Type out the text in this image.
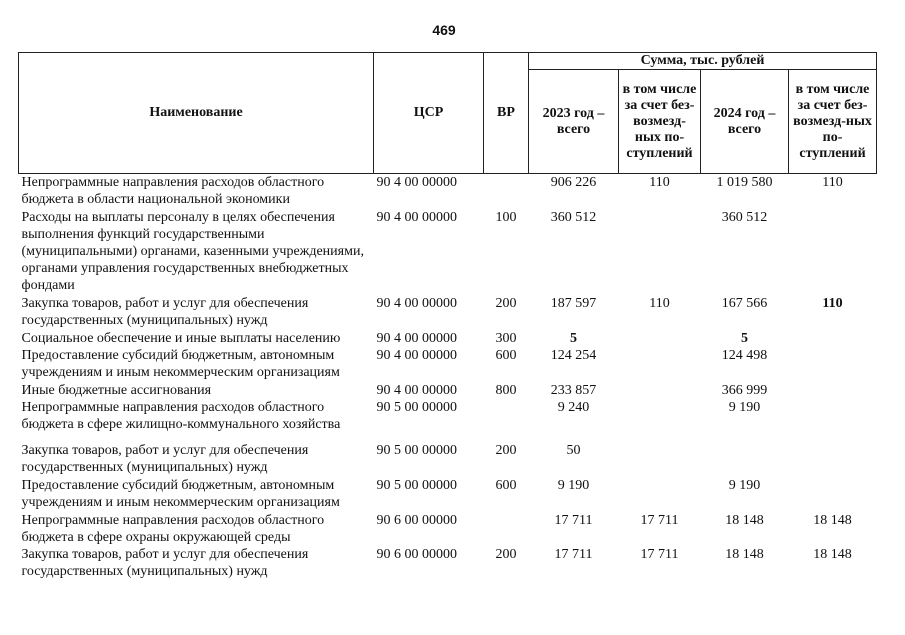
469
Наименование	ЦСР	ВР	Сумма, тыс. рублей			
			2023 год – всего	в том числе за счет без-возмезд-ных по-ступлений	2024 год – всего	в том числе за счет без-возмезд-ных по-ступлений
Непрограммные направления расходов областного бюджета в области национальной экономики	90 4 00 00000		906 226	110	1 019 580	110
Расходы на выплаты персоналу в целях обеспечения выполнения функций государственными (муниципальными) органами, казенными учреждениями, органами управления государственных внебюджетных фондами	90 4 00 00000	100	360 512		360 512	
Закупка товаров, работ и услуг для обеспечения государственных (муниципальных) нужд	90 4 00 00000	200	187 597	110	167 566	110
Социальное обеспечение и иные выплаты населению	90 4 00 00000	300	5		5	
Предоставление субсидий бюджетным, автономным учреждениям и иным некоммерческим организациям	90 4 00 00000	600	124 254		124 498	
Иные бюджетные ассигнования	90 4 00 00000	800	233 857		366 999	
Непрограммные направления расходов областного бюджета в сфере жилищно-коммунального хозяйства	90 5 00 00000		9 240		9 190	
Закупка товаров, работ и услуг для обеспечения государственных (муниципальных) нужд	90 5 00 00000	200	50			
Предоставление субсидий бюджетным, автономным учреждениям и иным некоммерческим организациям	90 5 00 00000	600	9 190		9 190	
Непрограммные направления расходов областного бюджета в сфере охраны окружающей среды	90 6 00 00000		17 711	17 711	18 148	18 148
Закупка товаров, работ и услуг для обеспечения государственных (муниципальных) нужд	90 6 00 00000	200	17 711	17 711	18 148	18 148
